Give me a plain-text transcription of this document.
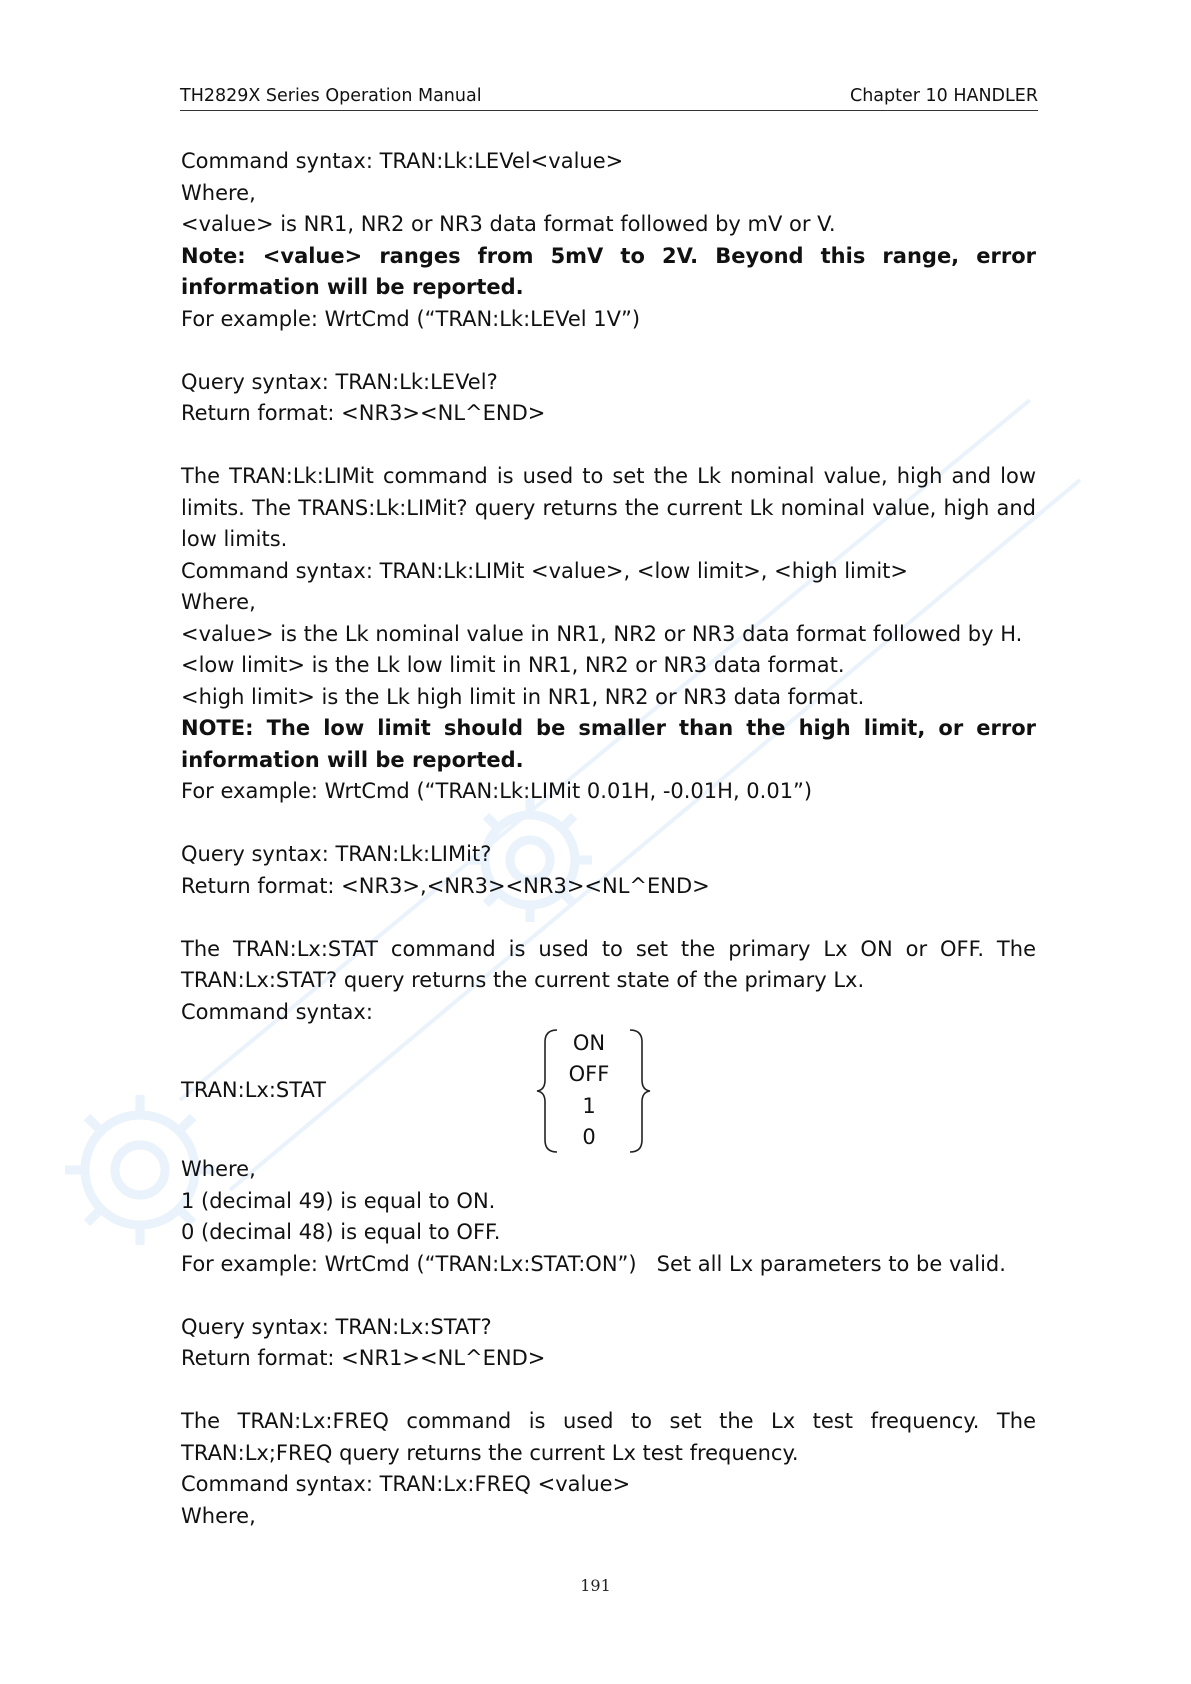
TH2829X Series Operation Manual	Chapter 10 HANDLER

Command syntax: TRAN:Lk:LEVel<value>

Where,

<value> is NR1, NR2 or NR3 data format followed by mV or V.

Note: <value> ranges from 5mV to 2V. Beyond this range, error information will be reported.

For example: WrtCmd (“TRAN:Lk:LEVel 1V”)

Query syntax: TRAN:Lk:LEVel?

Return format: <NR3><NL^END>

The TRAN:Lk:LIMit command is used to set the Lk nominal value, high and low limits. The TRANS:Lk:LIMit? query returns the current Lk nominal value, high and low limits.

Command syntax: TRAN:Lk:LIMit <value>, <low limit>, <high limit>

Where,

<value> is the Lk nominal value in NR1, NR2 or NR3 data format followed by H.

<low limit> is the Lk low limit in NR1, NR2 or NR3 data format.

<high limit> is the Lk high limit in NR1, NR2 or NR3 data format.

NOTE: The low limit should be smaller than the high limit, or error information will be reported.

For example: WrtCmd (“TRAN:Lk:LIMit 0.01H, -0.01H, 0.01”)

Query syntax: TRAN:Lk:LIMit?

Return format: <NR3>,<NR3><NR3><NL^END>

The TRAN:Lx:STAT command is used to set the primary Lx ON or OFF. The TRAN:Lx:STAT? query returns the current state of the primary Lx.

Command syntax:

TRAN:Lx:STAT
ON
OFF
1
0

Where,

1 (decimal 49) is equal to ON.

0 (decimal 48) is equal to OFF.

For example: WrtCmd (“TRAN:Lx:STAT:ON”)   Set all Lx parameters to be valid.

Query syntax: TRAN:Lx:STAT?

Return format: <NR1><NL^END>

The TRAN:Lx:FREQ command is used to set the Lx test frequency. The TRAN:Lx;FREQ query returns the current Lx test frequency.

Command syntax: TRAN:Lx:FREQ <value>

Where,

191
